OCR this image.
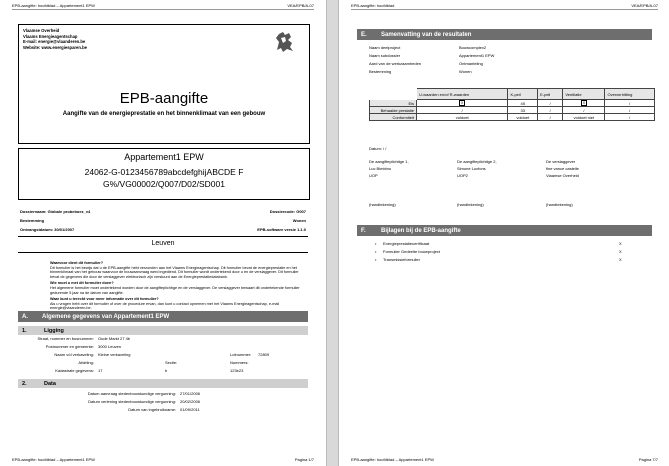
EPB-aangifte: hoofdblad – Appartement1 EPW	VEA/EPB/A-07
Vlaamse Overheid
Vlaams Energieagentschap
E-mail: energie@vlaanderen.be
Website: www.energiesparen.be
EPB-aangifte
Aangifte van de energieprestatie en het binnenklimaat van een gebouw
Appartement1 EPW
24062-G-0123456789abcdefghijABCDE F
G%/VG00002/Q007/D02/SD001
Dossiernaam: Globale probeboez_v4	Dossiercode: G007
Bestemming	Wonen
Ontvangstdatum: 30/01/2007	EPB-software versie 1.1.0
Leuven
Waarvoor dient dit formulier?
Dit formulier is het bewijs dat u de EPB-aangifte hebt verzonden aan het Vlaams Energieagentschap. Dit formulier bevat de energieprestatie en het binnenklimaat van het gebouw waarvoor de bouwaanvraag werd ingediend. Dit formulier wordt ondertekend door u en de verslaggever. Dit formulier bevat de gegevens die door de verslaggever elektronisch zijn verstuurd aan de Energieprestatiedatabank.
Wie moet u met dit formulier doen?
Het algemene formulier moet ondertekend worden door de aangifteplichtige en de verslaggever. De verslaggever bewaart dit ondertekende formulier gedurende 5 jaar na de datum van aangifte.
Waar kunt u terecht voor meer informatie over dit formulier?
Als u vragen hebt over dit formulier of over de procedure ervan, dan kunt u contact opnemen met het Vlaams Energieagentschap, e-mail energie@vlaanderen.be.
A.	Algemene gegevens van Appartement1 EPW
1.	Ligging
Straat, nummer en busnummer: Oude Markt 27 4b
Postnummer en gemeente: 3000 Leuven
Naam v/d verkaveling: Kleine verkaveling	Lotnummer: 72809
Afdeling:	Sectie:	Nummers:
Kadastrale gegevens: 17	b	123e23
2.	Data
Datum aanvraag stedenbouwkundige vergunning: 27/01/2006
Datum verlening stedenbouwkundige vergunning: 20/02/2006
Datum van ingebruikname: 01/09/2011
EPB-aangifte: hoofdblad – Appartement1 EPW	Pagina 1/7
EPB-aangifte: hoofdblad	VEA/EPB/A-07
E.	Samenvatting van de resultaten
Naam deelproject	Bouwcomplex2
Naam subdossier	Appartement1 EPW
Aard van de werkzaamheden	Ontmanteling
Bestemming	Wonen
	U-waarden en/of R-waarden	K-peil	E-peil	Ventilatie	Oververhitting
Eis	X	45	/	X	/
Behaalde prestatie	/	33	/	/	/
Conformiteit	voldoet	voldoet	/	voldoet niet	/
Datum: / /
De aangifteplichtige 1,
Luc Bimbino
UOP
De aangifteplichtige 2,
Simone Luxfons
UOP2
De verslaggever
fine vance castelle
Vlaamse Overheid
(handtekening)	(handtekening)	(handtekening)
F.	Bijlagen bij de EPB-aangifte
• Energieprestatiecertificaat	X
• Formulier Gedeelte bouwproject	X
• Transmissieformulier	X
EPB-aangifte: hoofdblad – Appartement1 EPW	Pagina 7/7
